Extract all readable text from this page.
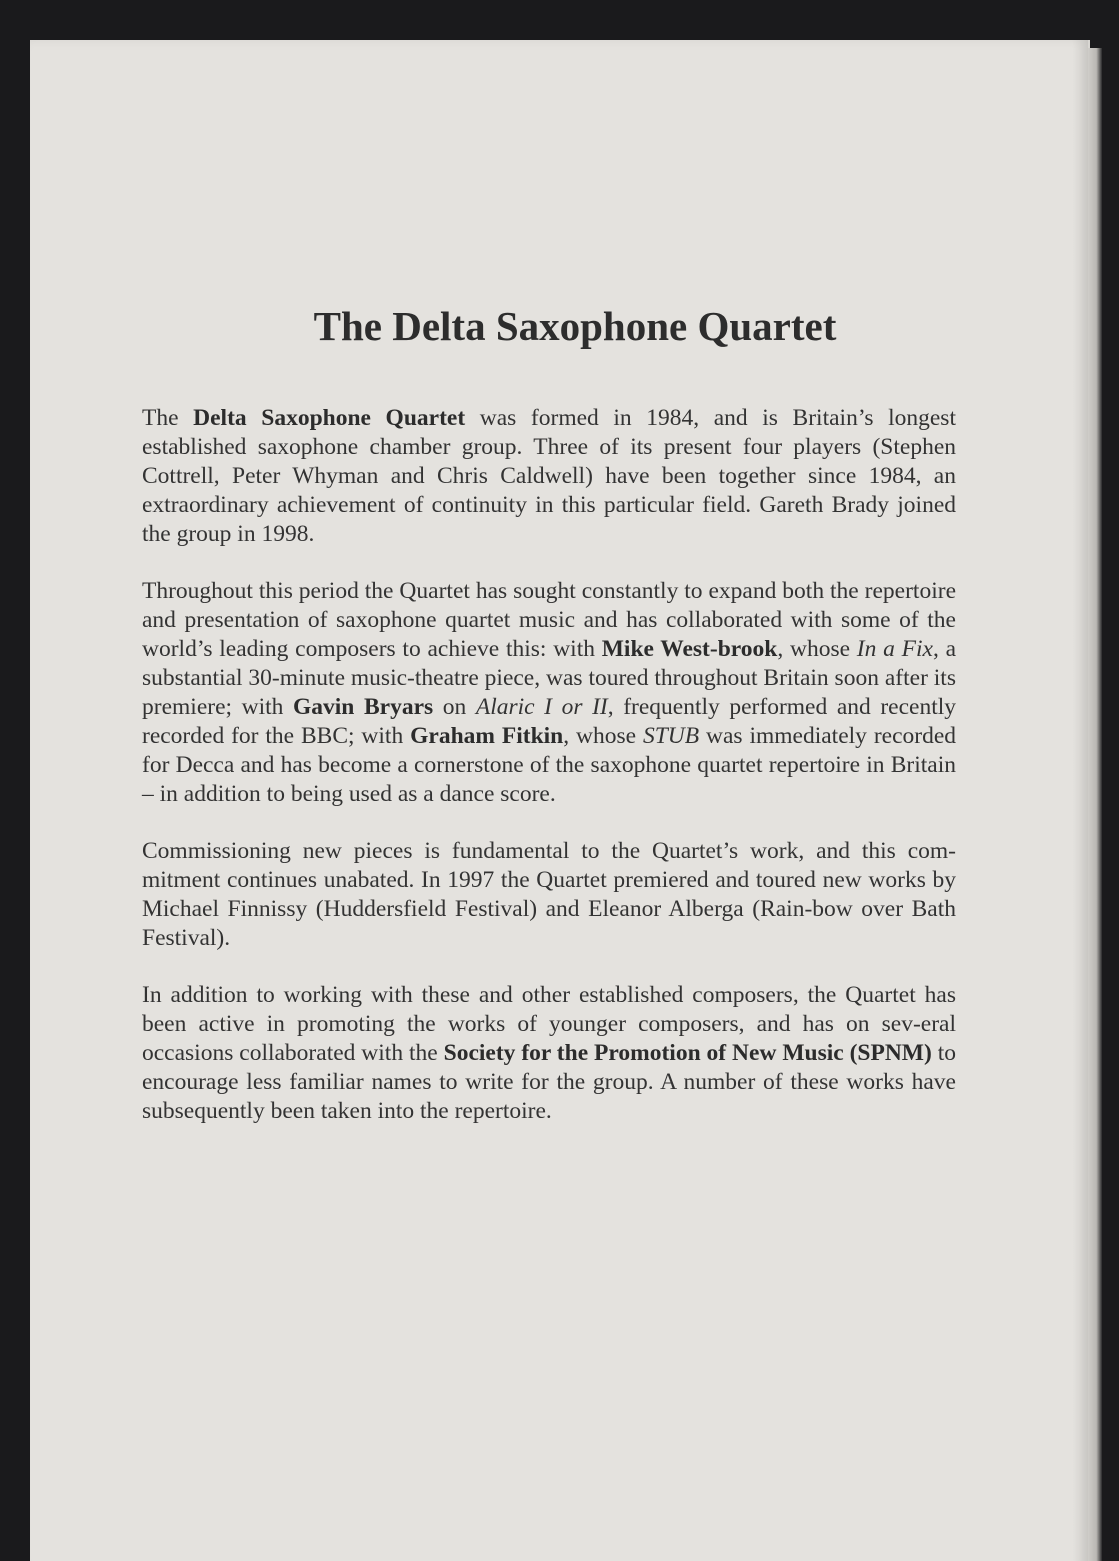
The Delta Saxophone Quartet

The Delta Saxophone Quartet was formed in 1984, and is Britain’s longest established saxophone chamber group. Three of its present four players (Stephen Cottrell, Peter Whyman and Chris Caldwell) have been together since 1984, an extraordinary achievement of continuity in this particular field. Gareth Brady joined the group in 1998.

Throughout this period the Quartet has sought constantly to expand both the repertoire and presentation of saxophone quartet music and has collaborated with some of the world’s leading composers to achieve this: with Mike West-brook, whose In a Fix, a substantial 30-minute music-theatre piece, was toured throughout Britain soon after its premiere; with Gavin Bryars on Alaric I or II, frequently performed and recently recorded for the BBC; with Graham Fitkin, whose STUB was immediately recorded for Decca and has become a cornerstone of the saxophone quartet repertoire in Britain – in addition to being used as a dance score.

Commissioning new pieces is fundamental to the Quartet’s work, and this com-mitment continues unabated. In 1997 the Quartet premiered and toured new works by Michael Finnissy (Huddersfield Festival) and Eleanor Alberga (Rain-bow over Bath Festival).

In addition to working with these and other established composers, the Quartet has been active in promoting the works of younger composers, and has on sev-eral occasions collaborated with the Society for the Promotion of New Music (SPNM) to encourage less familiar names to write for the group. A number of these works have subsequently been taken into the repertoire.
